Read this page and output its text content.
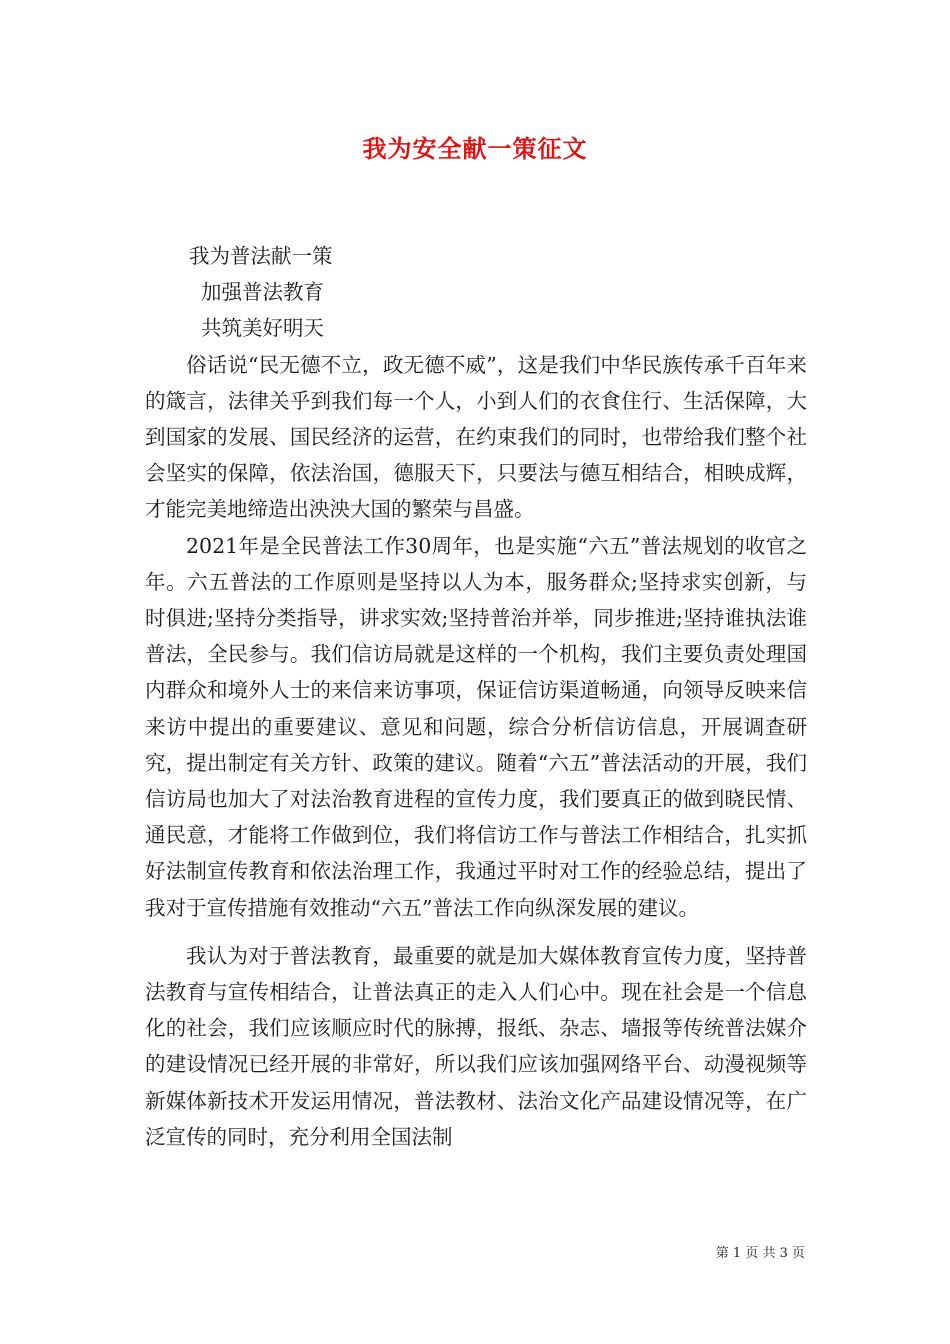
我为安全献一策征文

我为普法献一策

加强普法教育

共筑美好明天

俗话说“民无德不立，政无德不威”，这是我们中华民族传承千百年来的箴言，法律关乎到我们每一个人，小到人们的衣食住行、生活保障，大到国家的发展、国民经济的运营，在约束我们的同时，也带给我们整个社会坚实的保障，依法治国，德服天下，只要法与德互相结合，相映成辉，才能完美地缔造出泱泱大国的繁荣与昌盛。

2021年是全民普法工作30周年，也是实施“六五”普法规划的收官之年。六五普法的工作原则是坚持以人为本，服务群众;坚持求实创新，与时俱进;坚持分类指导，讲求实效;坚持普治并举，同步推进;坚持谁执法谁普法，全民参与。我们信访局就是这样的一个机构，我们主要负责处理国内群众和境外人士的来信来访事项，保证信访渠道畅通，向领导反映来信来访中提出的重要建议、意见和问题，综合分析信访信息，开展调查研究，提出制定有关方针、政策的建议。随着“六五”普法活动的开展，我们信访局也加大了对法治教育进程的宣传力度，我们要真正的做到晓民情、通民意，才能将工作做到位，我们将信访工作与普法工作相结合，扎实抓好法制宣传教育和依法治理工作，我通过平时对工作的经验总结，提出了我对于宣传措施有效推动“六五”普法工作向纵深发展的建议。

我认为对于普法教育，最重要的就是加大媒体教育宣传力度，坚持普法教育与宣传相结合，让普法真正的走入人们心中。现在社会是一个信息化的社会，我们应该顺应时代的脉搏，报纸、杂志、墙报等传统普法媒介的建设情况已经开展的非常好，所以我们应该加强网络平台、动漫视频等新媒体新技术开发运用情况，普法教材、法治文化产品建设情况等，在广泛宣传的同时，充分利用全国法制

第 1 页 共 3 页
